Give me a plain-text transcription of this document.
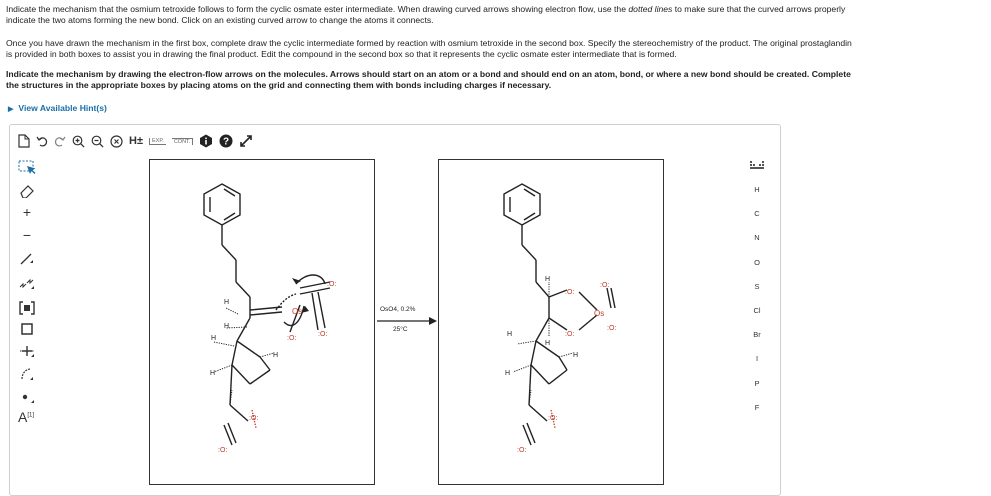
Indicate the mechanism that the osmium tetroxide follows to form the cyclic osmate ester intermediate. When drawing curved arrows showing electron flow, use the dotted lines to make sure that the curved arrows properly
indicate the two atoms forming the new bond. Click on an existing curved arrow to change the atoms it connects.

Once you have drawn the mechanism in the first box, complete draw the cyclic intermediate formed by reaction with osmium tetroxide in the second box. Specify the stereochemistry of the product. The original prostaglandin
is provided in both boxes to assist you in drawing the final product. Edit the compound in the second box so that it represents the cyclic osmate ester intermediate that is formed.

Indicate the mechanism by drawing the electron-flow arrows on the molecules. Arrows should start on an atom or a bond and should end on an atom, bond, or where a new bond should be created. Complete
the structures in the appropriate boxes by placing atoms on the grid and connecting them with bonds including charges if necessary.

▶ View Available Hint(s)
H±	EXP.	CONT.	?
+
−
A[1]
H
C
N
O
S
Cl
Br
I
P
F
H
H
H
H
H
Os
:O:
:O:
:O:
:O:
:O:
OsO4, 0.2%
25°C
H
H
H
H
H
Os
:O:
:O:
:O:
:O:
:O:
:O:
